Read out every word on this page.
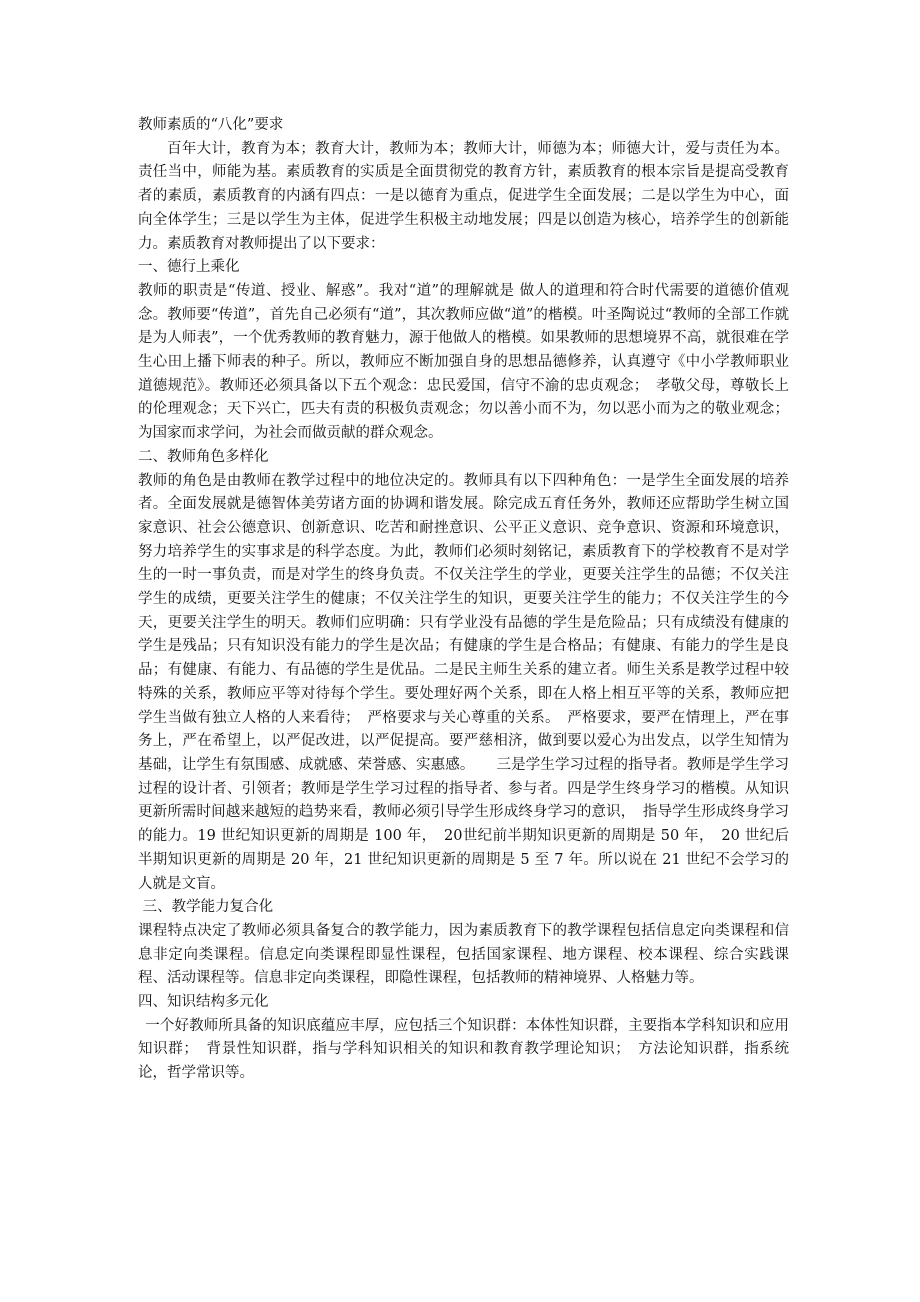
教师素质的“八化”要求

百年大计，教育为本；教育大计，教师为本；教师大计，师德为本；师德大计，爱与责任为本。责任当中，师能为基。素质教育的实质是全面贯彻党的教育方针，素质教育的根本宗旨是提高受教育者的素质，素质教育的内涵有四点：一是以德育为重点，促进学生全面发展；二是以学生为中心，面向全体学生；三是以学生为主体，促进学生积极主动地发展；四是以创造为核心，培养学生的创新能力。素质教育对教师提出了以下要求：

一、德行上乘化

教师的职责是“传道、授业、解惑”。我对“道”的理解就是 做人的道理和符合时代需要的道德价值观念。教师要“传道”，首先自己必须有“道”，其次教师应做“道”的楷模。叶圣陶说过“教师的全部工作就是为人师表”，一个优秀教师的教育魅力，源于他做人的楷模。如果教师的思想境界不高，就很难在学生心田上播下师表的种子。所以，教师应不断加强自身的思想品德修养，认真遵守《中小学教师职业道德规范》。教师还必须具备以下五个观念：忠民爱国，信守不渝的忠贞观念；　孝敬父母，尊敬长上的伦理观念；天下兴亡，匹夫有责的积极负责观念；勿以善小而不为，勿以恶小而为之的敬业观念；为国家而求学问，为社会而做贡献的群众观念。

二、教师角色多样化

教师的角色是由教师在教学过程中的地位决定的。教师具有以下四种角色：一是学生全面发展的培养者。全面发展就是德智体美劳诸方面的协调和谐发展。除完成五育任务外，教师还应帮助学生树立国家意识、社会公德意识、创新意识、吃苦和耐挫意识、公平正义意识、竞争意识、资源和环境意识，努力培养学生的实事求是的科学态度。为此，教师们必须时刻铭记，素质教育下的学校教育不是对学生的一时一事负责，而是对学生的终身负责。不仅关注学生的学业，更要关注学生的品德；不仅关注学生的成绩，更要关注学生的健康；不仅关注学生的知识，更要关注学生的能力；不仅关注学生的今天，更要关注学生的明天。教师们应明确：只有学业没有品德的学生是危险品；只有成绩没有健康的学生是残品；只有知识没有能力的学生是次品；有健康的学生是合格品；有健康、有能力的学生是良品；有健康、有能力、有品德的学生是优品。二是民主师生关系的建立者。师生关系是教学过程中较特殊的关系，教师应平等对待每个学生。要处理好两个关系，即在人格上相互平等的关系，教师应把学生当做有独立人格的人来看待；　严格要求与关心尊重的关系。　严格要求，要严在情理上，严在事务上，严在希望上，以严促改进，以严促提高。要严慈相济，做到要以爱心为出发点，以学生知情为基础，让学生有氛围感、成就感、荣誉感、实惠感。　　三是学生学习过程的指导者。教师是学生学习过程的设计者、引领者；教师是学生学习过程的指导者、参与者。四是学生终身学习的楷模。从知识更新所需时间越来越短的趋势来看，教师必须引导学生形成终身学习的意识，　指导学生形成终身学习的能力。19 世纪知识更新的周期是 100 年，　20世纪前半期知识更新的周期是 50 年，　20 世纪后半期知识更新的周期是 20 年，21 世纪知识更新的周期是 5 至 7 年。所以说在 21 世纪不会学习的人就是文盲。

三、教学能力复合化

课程特点决定了教师必须具备复合的教学能力，因为素质教育下的教学课程包括信息定向类课程和信息非定向类课程。信息定向类课程即显性课程，包括国家课程、地方课程、校本课程、综合实践课程、活动课程等。信息非定向类课程，即隐性课程，包括教师的精神境界、人格魅力等。

四、知识结构多元化

一个好教师所具备的知识底蕴应丰厚，应包括三个知识群：本体性知识群，主要指本学科知识和应用知识群；　背景性知识群，指与学科知识相关的知识和教育教学理论知识；　方法论知识群，指系统论，哲学常识等。
